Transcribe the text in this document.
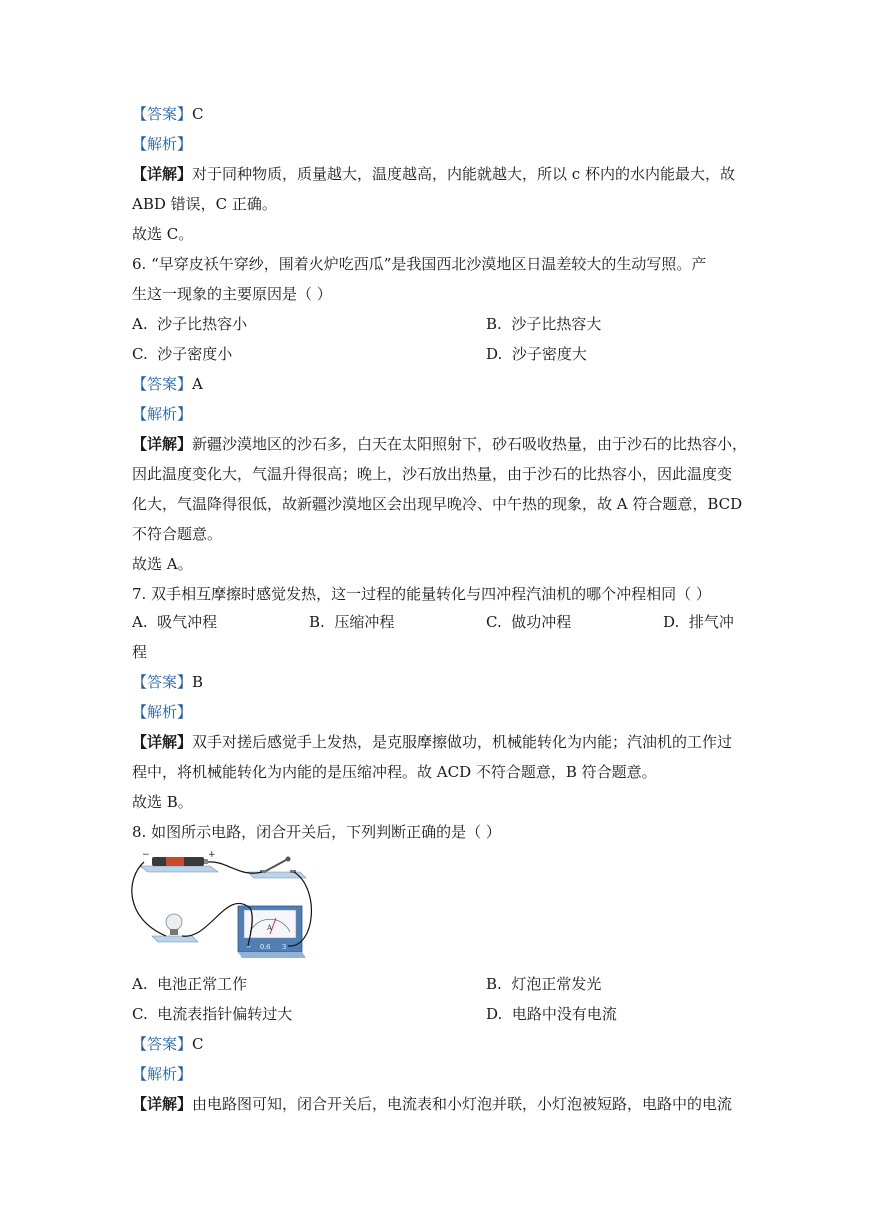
【答案】C
【解析】
【详解】对于同种物质，质量越大，温度越高，内能就越大，所以 c 杯内的水内能最大，故
ABD 错误，C 正确。
故选 C。
6. “早穿皮袄午穿纱，围着火炉吃西瓜”是我国西北沙漠地区日温差较大的生动写照。产
生这一现象的主要原因是（ ）
A. 沙子比热容小	B. 沙子比热容大
C. 沙子密度小	D. 沙子密度大
【答案】A
【解析】
【详解】新疆沙漠地区的沙石多，白天在太阳照射下，砂石吸收热量，由于沙石的比热容小，
因此温度变化大，气温升得很高；晚上，沙石放出热量，由于沙石的比热容小，因此温度变
化大，气温降得很低，故新疆沙漠地区会出现早晚冷、中午热的现象，故 A 符合题意，BCD
不符合题意。
故选 A。
7. 双手相互摩擦时感觉发热，这一过程的能量转化与四冲程汽油机的哪个冲程相同（ ）
A. 吸气冲程	B. 压缩冲程	C. 做功冲程	D. 排气冲
程
【答案】B
【解析】
【详解】双手对搓后感觉手上发热，是克服摩擦做功，机械能转化为内能；汽油机的工作过
程中，将机械能转化为内能的是压缩冲程。故 ACD 不符合题意，B 符合题意。
故选 B。
8. 如图所示电路，闭合开关后，下列判断正确的是（ ）
−	+
A
− 0.6 3
A. 电池正常工作	B. 灯泡正常发光
C. 电流表指针偏转过大	D. 电路中没有电流
【答案】C
【解析】
【详解】由电路图可知，闭合开关后，电流表和小灯泡并联，小灯泡被短路，电路中的电流
